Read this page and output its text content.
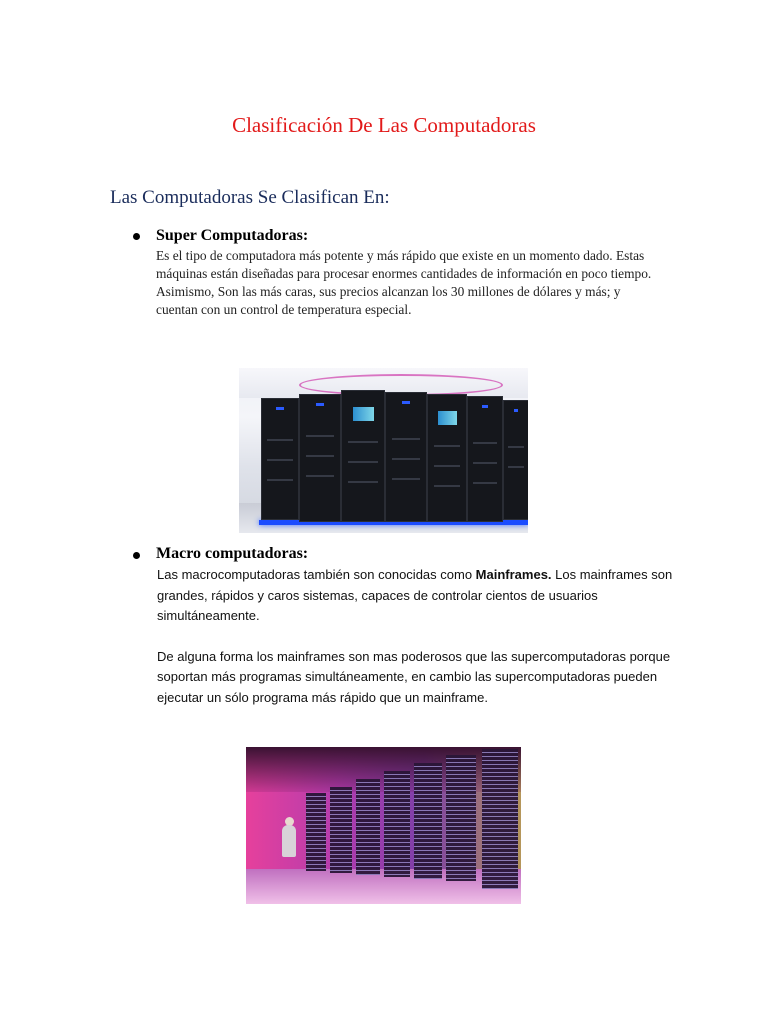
Clasificación De Las Computadoras
Las Computadoras Se Clasifican En:
Super Computadoras:

Es el tipo de computadora más potente y más rápido que existe en un momento dado. Estas máquinas están diseñadas para procesar enormes cantidades de información en poco tiempo.

Asimismo, Son las más caras, sus precios alcanzan los 30 millones de dólares y más; y cuentan con un control de temperatura especial.

Macro computadoras:

Las macrocomputadoras también son conocidas como Mainframes. Los mainframes son grandes, rápidos y caros sistemas, capaces de controlar cientos de usuarios simultáneamente.

De alguna forma los mainframes son mas poderosos que las supercomputadoras porque soportan más programas simultáneamente, en cambio las supercomputadoras pueden ejecutar un sólo programa más rápido que un mainframe.
